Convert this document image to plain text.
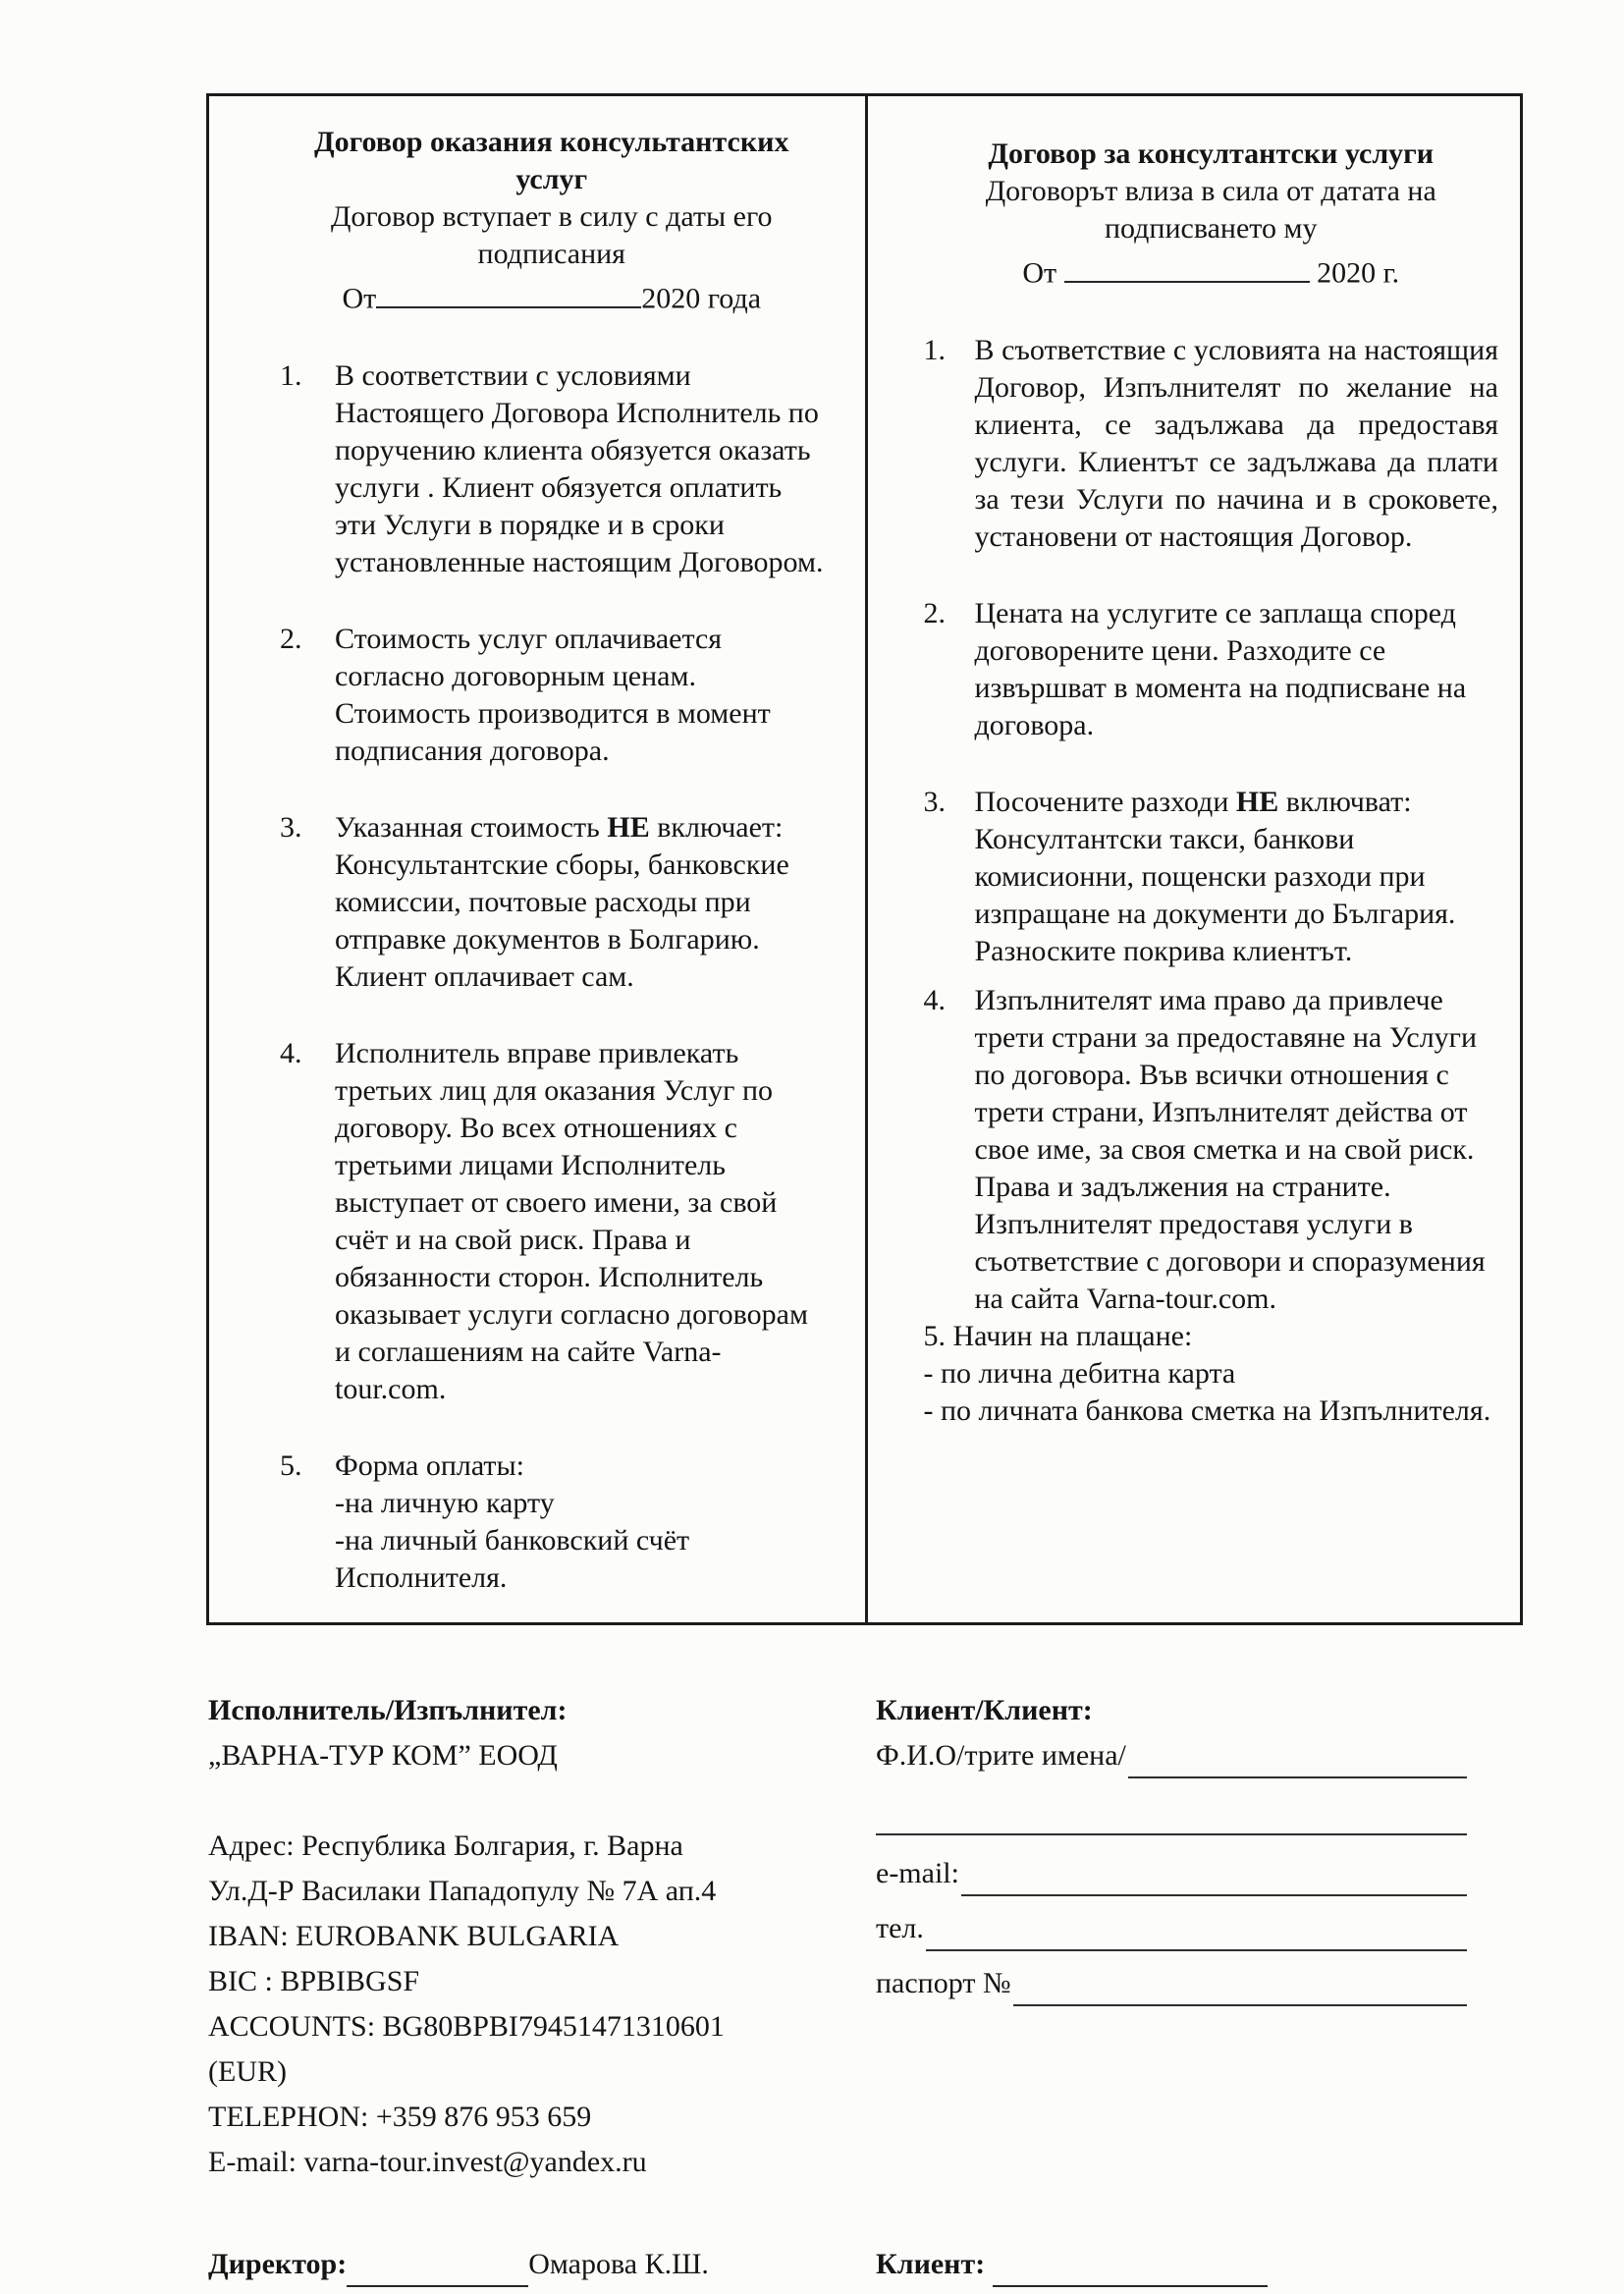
Договор оказания консультантских услуг
Договор вступает в силу с даты его подписания
От	2020 года
1.	В соответствии с условиями Настоящего Договора Исполнитель по поручению клиента обязуется оказать услуги . Клиент обязуется оплатить эти Услуги в порядке и в сроки установленные настоящим Договором.
2.	Стоимость услуг оплачивается согласно договорным ценам. Стоимость производится в момент подписания договора.
3.	Указанная стоимость НЕ включает: Консультантские сборы, банковские комиссии, почтовые расходы при отправке документов в Болгарию. Клиент оплачивает сам.
4.	Исполнитель вправе привлекать третьих лиц для оказания Услуг по договору. Во всех отношениях с третьими лицами Исполнитель выступает от своего имени, за свой счёт и на свой риск. Права и обязанности сторон. Исполнитель оказывает услуги согласно договорам и соглашениям на сайте Varna-tour.com.
5.	Форма оплаты:
-на личную карту
-на личный банковский счёт Исполнителя.
Договор за консултантски услуги
Договорът влиза в сила от датата на подписването му
От	2020 г.
1. В съответствие с условията на настоящия Договор, Изпълнителят по желание на клиента, се задължава да предоставя услуги. Клиентът се задължава да плати за тези Услуги по начина и в сроковете, установени от настоящия Договор.
2. Цената на услугите се заплаща според договорените цени. Разходите се извършват в момента на подписване на договора.
3. Посочените разходи НЕ включват: Консултантски такси, банкови комисионни, пощенски разходи при изпращане на документи до България. Разноските покрива клиентът.
4. Изпълнителят има право да привлече трети страни за предоставяне на Услуги по договора. Във всички отношения с трети страни, Изпълнителят действа от свое име, за своя сметка и на свой риск. Права и задължения на страните. Изпълнителят предоставя услуги в съответствие с договори и споразумения на сайта Varna-tour.com.
5. Начин на плащане:
- по лична дебитна карта
- по личната банкова сметка на Изпълнителя.
Исполнитель/Изпълнител:
„ВАРНА-ТУР КОМ” ЕООД
Адрес: Республика Болгария, г. Варна
Ул.Д-Р Василаки Пападопулу № 7А ап.4
IBAN: EUROBANK BULGARIA
BIC : BPBIBGSF
ACCOUNTS: BG80BPBI79451471310601
(EUR)
TELEPHON: +359 876 953 659
E-mail: varna-tour.invest@yandex.ru
Клиент/Клиент:
Ф.И.О/трите имена/
e-mail:
тел.
паспорт №
Директор:	Омарова К.Ш.	Клиент:
